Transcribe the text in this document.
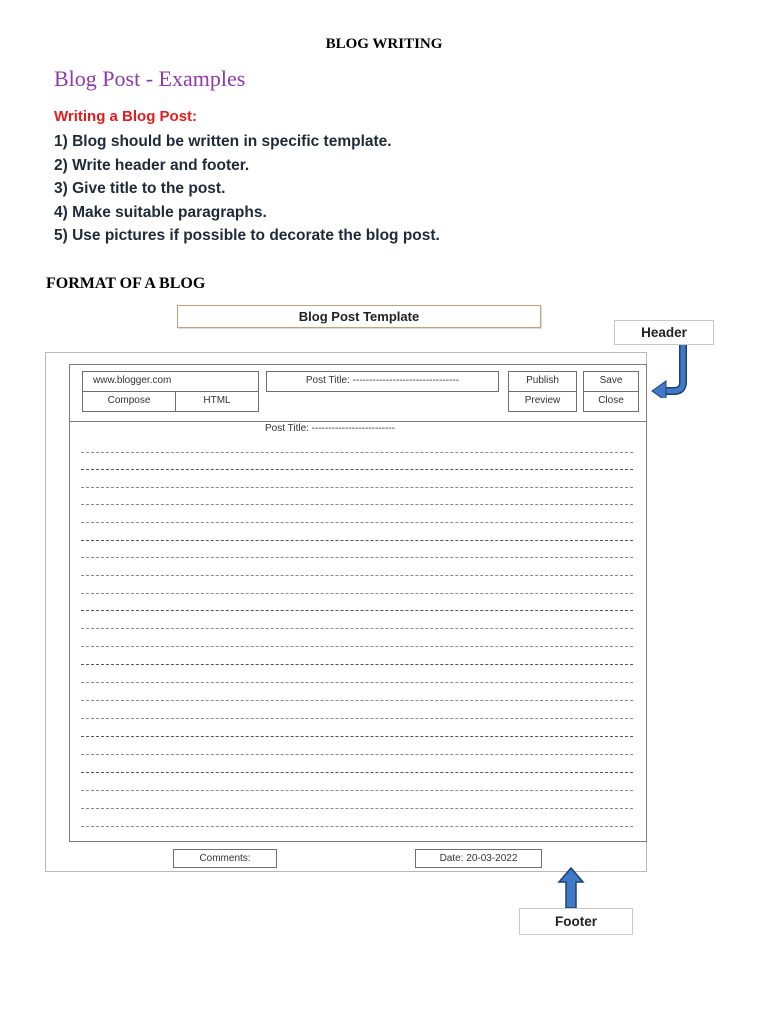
BLOG WRITING
Blog Post - Examples
Writing a Blog Post:
1) Blog should be written in specific template.
2) Write header and footer.
3) Give title to the post.
4) Make suitable paragraphs.
5) Use pictures if possible to decorate the blog post.
FORMAT OF A BLOG
Blog Post Template
Header
www.blogger.com
Compose	HTML
Post Title: --------------------------------	Publish	Save
Preview	Close
Post Title: -------------------------
Comments:	Date: 20-03-2022
Footer
